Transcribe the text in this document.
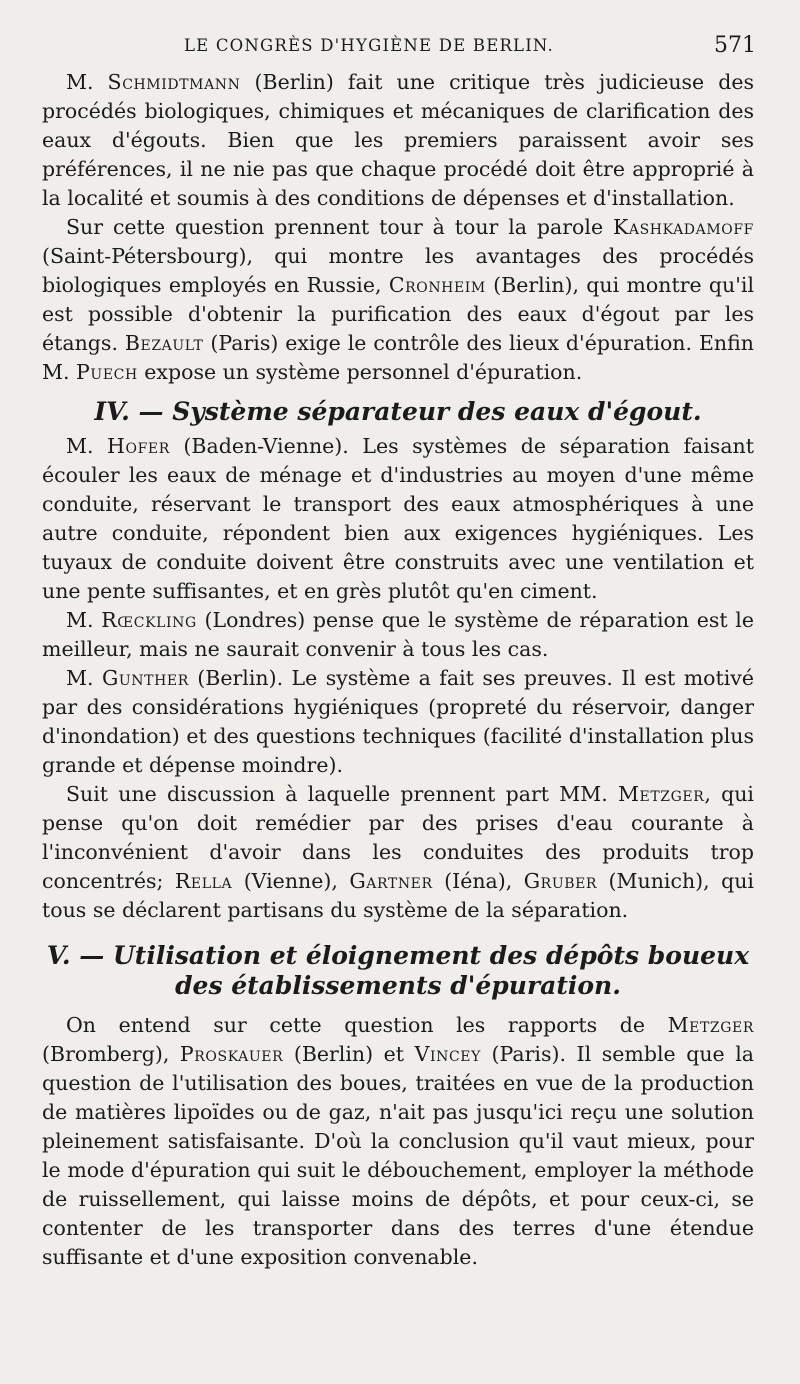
LE CONGRÈS D'HYGIÈNE DE BERLIN.	571

M. Schmidtmann (Berlin) fait une critique très judicieuse des procédés biologiques, chimiques et mécaniques de clarification des eaux d'égouts. Bien que les premiers paraissent avoir ses préférences, il ne nie pas que chaque procédé doit être approprié à la localité et soumis à des conditions de dépenses et d'installation.

Sur cette question prennent tour à tour la parole Kashkadamoff (Saint-Pétersbourg), qui montre les avantages des procédés biologiques employés en Russie, Cronheim (Berlin), qui montre qu'il est possible d'obtenir la purification des eaux d'égout par les étangs. Bezault (Paris) exige le contrôle des lieux d'épuration. Enfin M. Puech expose un système personnel d'épuration.

IV. — Système séparateur des eaux d'égout.

M. Hofer (Baden-Vienne). Les systèmes de séparation faisant écouler les eaux de ménage et d'industries au moyen d'une même conduite, réservant le transport des eaux atmosphériques à une autre conduite, répondent bien aux exigences hygiéniques. Les tuyaux de conduite doivent être construits avec une ventilation et une pente suffisantes, et en grès plutôt qu'en ciment.

M. Rœckling (Londres) pense que le système de réparation est le meilleur, mais ne saurait convenir à tous les cas.

M. Gunther (Berlin). Le système a fait ses preuves. Il est motivé par des considérations hygiéniques (propreté du réservoir, danger d'inondation) et des questions techniques (facilité d'installation plus grande et dépense moindre).

Suit une discussion à laquelle prennent part MM. Metzger, qui pense qu'on doit remédier par des prises d'eau courante à l'inconvénient d'avoir dans les conduites des produits trop concentrés; Rella (Vienne), Gartner (Iéna), Gruber (Munich), qui tous se déclarent partisans du système de la séparation.

V. — Utilisation et éloignement des dépôts boueux
des établissements d'épuration.

On entend sur cette question les rapports de Metzger (Bromberg), Proskauer (Berlin) et Vincey (Paris). Il semble que la question de l'utilisation des boues, traitées en vue de la production de matières lipoïdes ou de gaz, n'ait pas jusqu'ici reçu une solution pleinement satisfaisante. D'où la conclusion qu'il vaut mieux, pour le mode d'épuration qui suit le débouchement, employer la méthode de ruissellement, qui laisse moins de dépôts, et pour ceux-ci, se contenter de les transporter dans des terres d'une étendue suffisante et d'une exposition convenable.
